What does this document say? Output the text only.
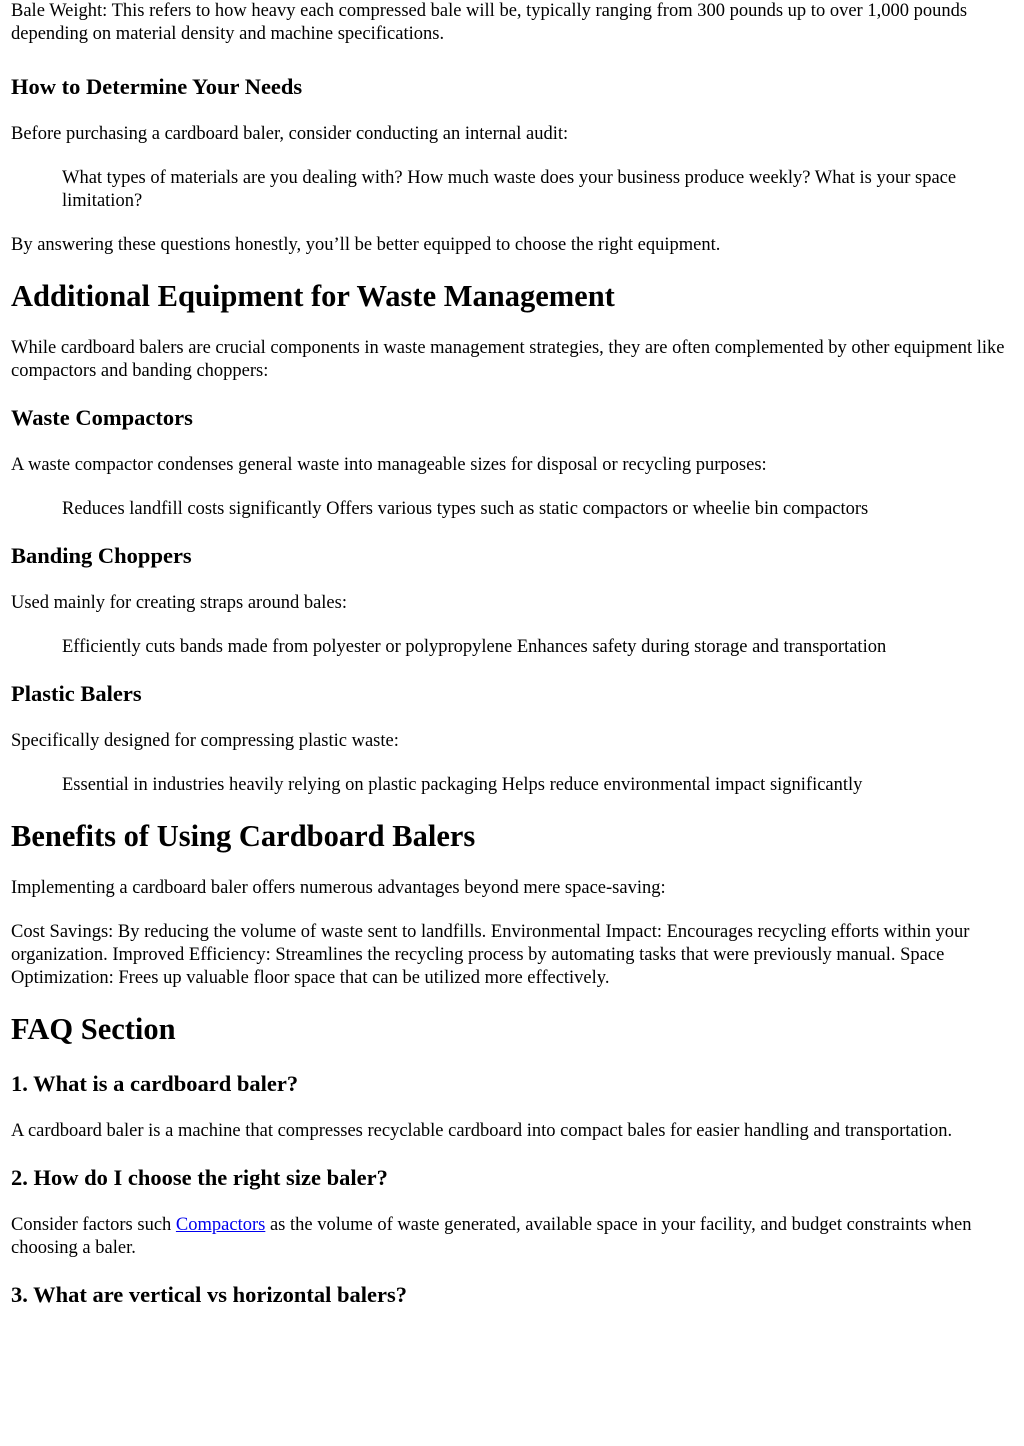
Bale Weight: This refers to how heavy each compressed bale will be, typically ranging from 300 pounds up to over 1,000 pounds depending on material density and machine specifications.

How to Determine Your Needs

Before purchasing a cardboard baler, consider conducting an internal audit:

What types of materials are you dealing with? How much waste does your business produce weekly? What is your space limitation?

By answering these questions honestly, you’ll be better equipped to choose the right equipment.

Additional Equipment for Waste Management

While cardboard balers are crucial components in waste management strategies, they are often complemented by other equipment like compactors and banding choppers:

Waste Compactors

A waste compactor condenses general waste into manageable sizes for disposal or recycling purposes:

Reduces landfill costs significantly Offers various types such as static compactors or wheelie bin compactors
Banding Choppers

Used mainly for creating straps around bales:

Efficiently cuts bands made from polyester or polypropylene Enhances safety during storage and transportation
Plastic Balers

Specifically designed for compressing plastic waste:

Essential in industries heavily relying on plastic packaging Helps reduce environmental impact significantly
Benefits of Using Cardboard Balers

Implementing a cardboard baler offers numerous advantages beyond mere space-saving:

Cost Savings: By reducing the volume of waste sent to landfills. Environmental Impact: Encourages recycling efforts within your organization. Improved Efficiency: Streamlines the recycling process by automating tasks that were previously manual. Space Optimization: Frees up valuable floor space that can be utilized more effectively.

FAQ Section
1. What is a cardboard baler?

A cardboard baler is a machine that compresses recyclable cardboard into compact bales for easier handling and transportation.

2. How do I choose the right size baler?

Consider factors such Compactors as the volume of waste generated, available space in your facility, and budget constraints when choosing a baler.

3. What are vertical vs horizontal balers?
